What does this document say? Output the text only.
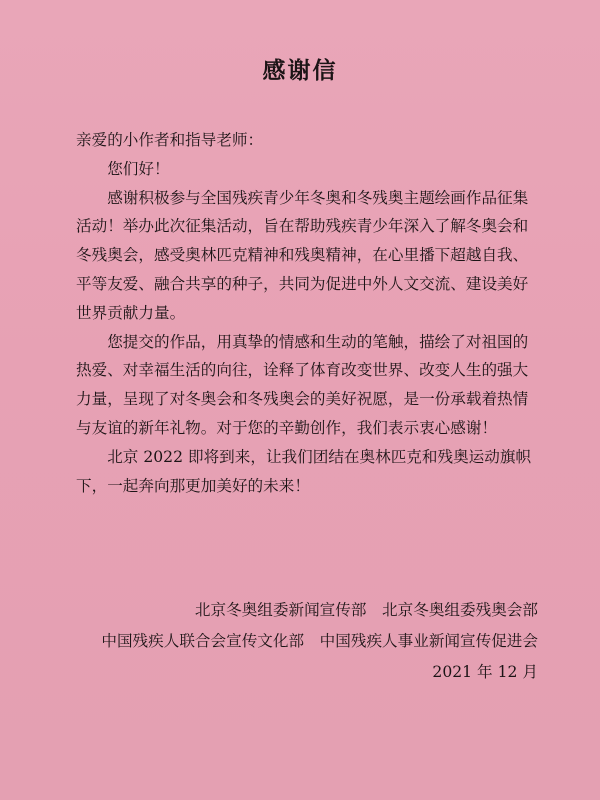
感谢信

亲爱的小作者和指导老师：

您们好！

感谢积极参与全国残疾青少年冬奥和冬残奥主题绘画作品征集活动！举办此次征集活动，旨在帮助残疾青少年深入了解冬奥会和冬残奥会，感受奥林匹克精神和残奥精神，在心里播下超越自我、平等友爱、融合共享的种子，共同为促进中外人文交流、建设美好世界贡献力量。

您提交的作品，用真挚的情感和生动的笔触，描绘了对祖国的热爱、对幸福生活的向往，诠释了体育改变世界、改变人生的强大力量，呈现了对冬奥会和冬残奥会的美好祝愿，是一份承载着热情与友谊的新年礼物。对于您的辛勤创作，我们表示衷心感谢！

北京 2022 即将到来，让我们团结在奥林匹克和残奥运动旗帜下，一起奔向那更加美好的未来！

北京冬奥组委新闻宣传部　北京冬奥组委残奥会部
中国残疾人联合会宣传文化部　中国残疾人事业新闻宣传促进会
2021 年 12 月
